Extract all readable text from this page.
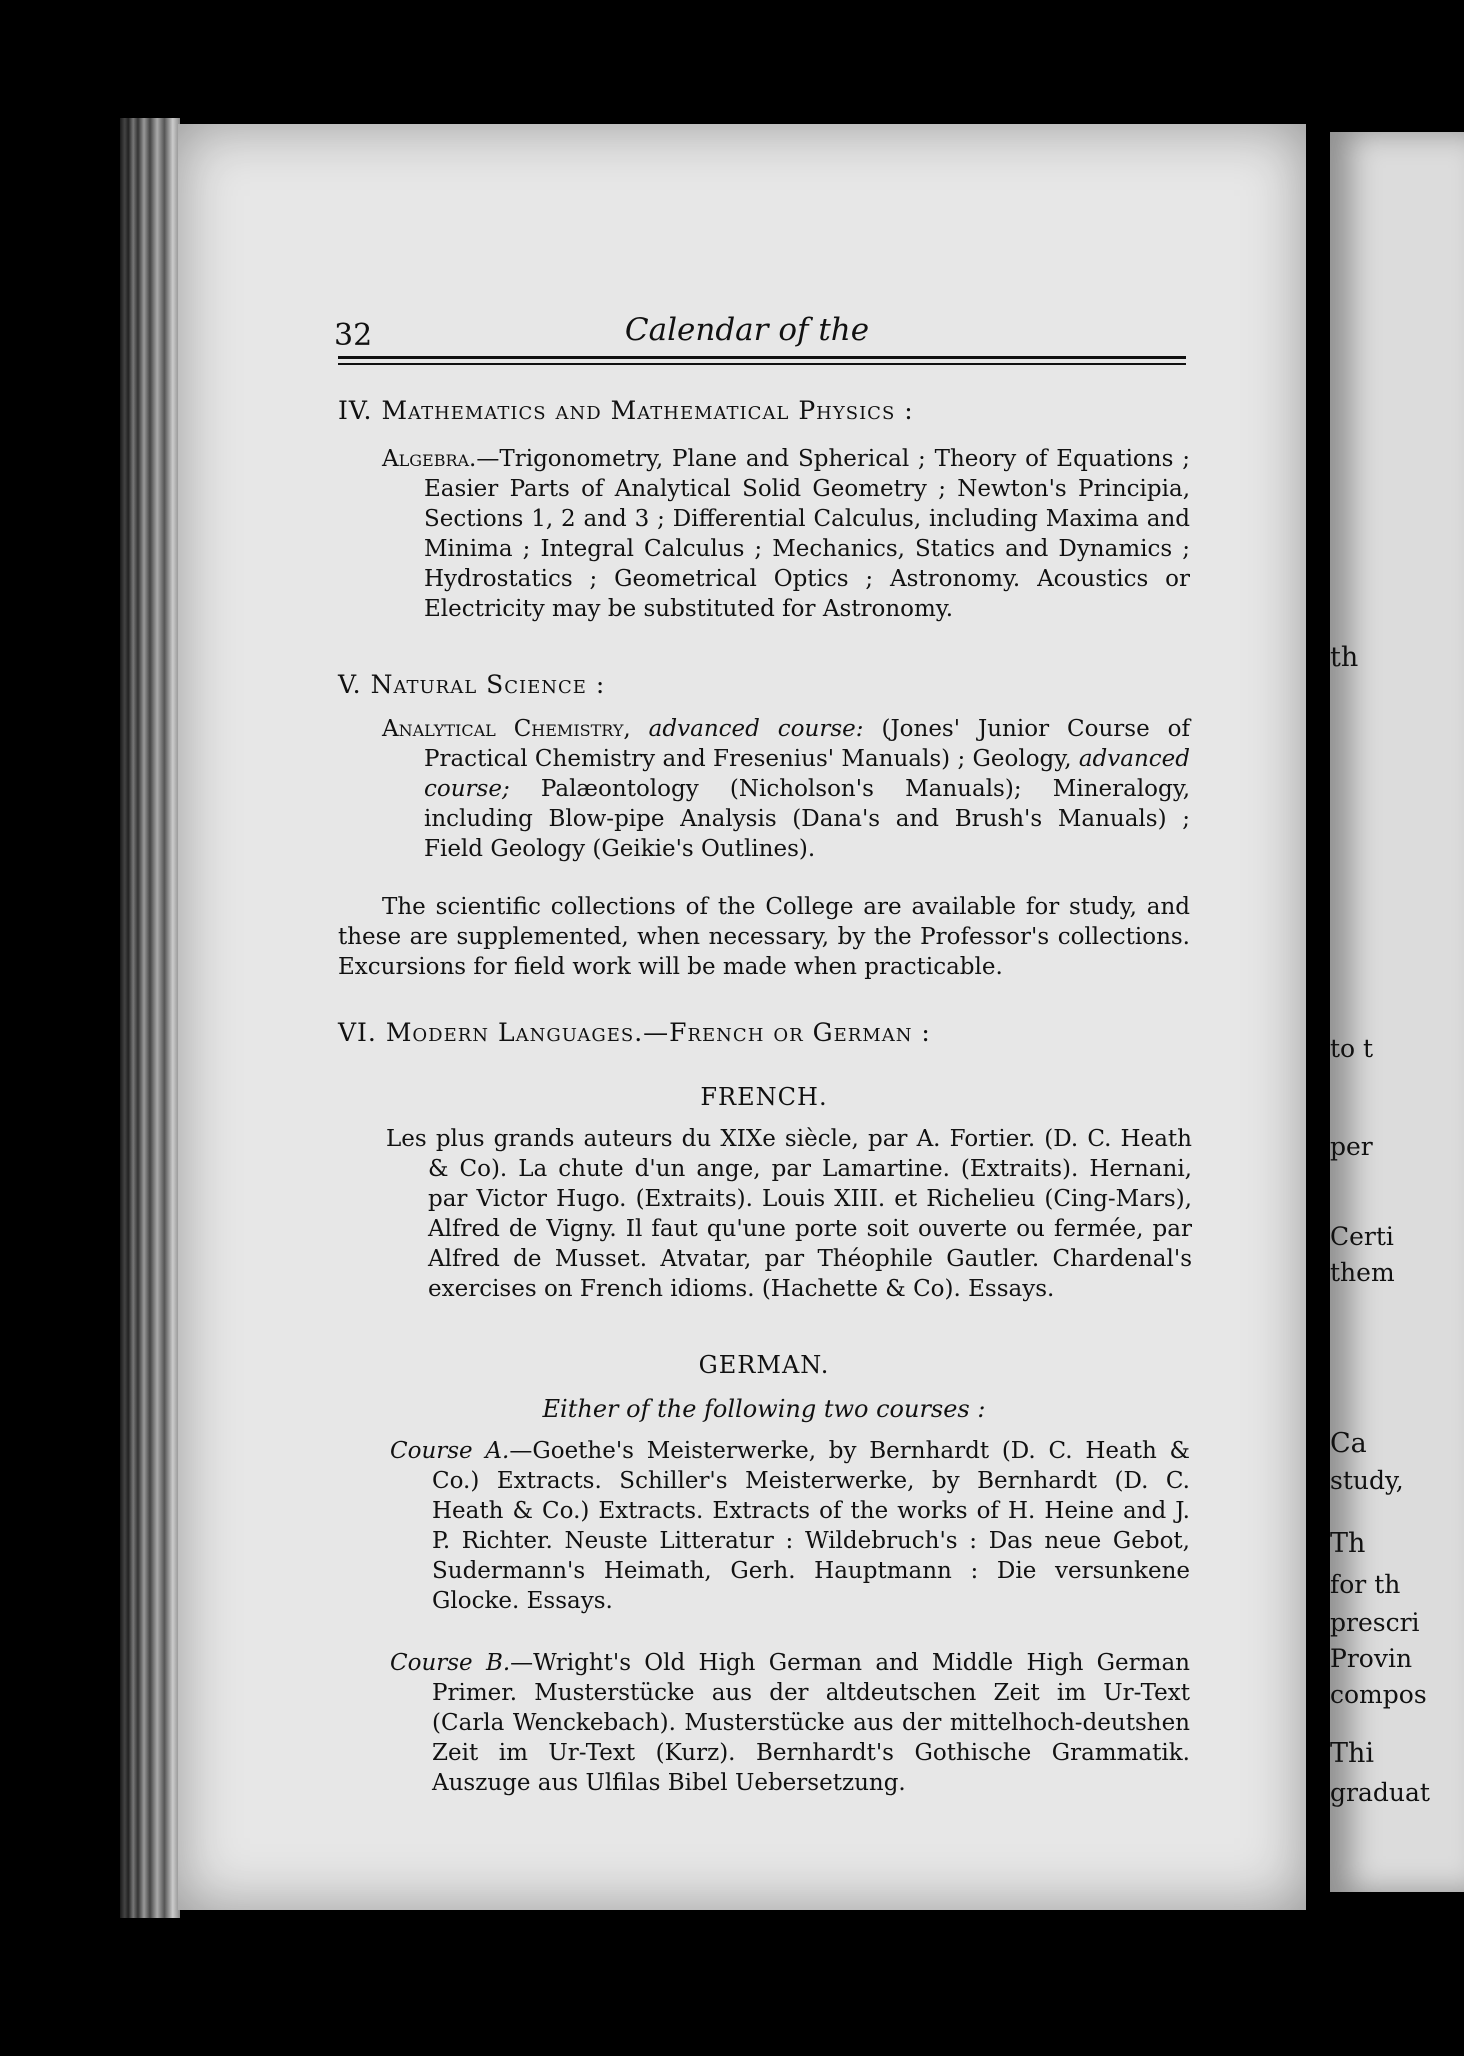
th
to t
per
Certi
them
Ca
study,
Th
for th
prescri
Provin
compos
Thi
graduat
32	Calendar of the
IV. Mathematics and Mathematical Physics :
Algebra.—Trigonometry, Plane and Spherical ; Theory of Equations ; Easier Parts of Analytical Solid Geometry ; Newton's Principia, Sections 1, 2 and 3 ; Differential Calculus, including Maxima and Minima ; Integral Calculus ; Mechanics, Statics and Dynamics ; Hydrostatics ; Geometrical Optics ; Astronomy. Acoustics or Electricity may be substituted for Astronomy.
V. Natural Science :
Analytical Chemistry, advanced course: (Jones' Junior Course of Practical Chemistry and Fresenius' Manuals) ; Geology, advanced course; Palæontology (Nicholson's Manuals); Mineralogy, including Blow-pipe Analysis (Dana's and Brush's Manuals) ; Field Geology (Geikie's Outlines).
The scientific collections of the College are available for study, and these are supplemented, when necessary, by the Professor's collections. Excursions for field work will be made when practicable.
VI. Modern Languages.—French or German :
FRENCH.
Les plus grands auteurs du XIXe siècle, par A. Fortier. (D. C. Heath & Co). La chute d'un ange, par Lamartine. (Extraits). Hernani, par Victor Hugo. (Extraits). Louis XIII. et Richelieu (Cing-Mars), Alfred de Vigny. Il faut qu'une porte soit ouverte ou fermée, par Alfred de Musset. Atvatar, par Théophile Gautler. Chardenal's exercises on French idioms. (Hachette & Co). Essays.
GERMAN.
Either of the following two courses :
Course A.—Goethe's Meisterwerke, by Bernhardt (D. C. Heath & Co.) Extracts. Schiller's Meisterwerke, by Bernhardt (D. C. Heath & Co.) Extracts. Extracts of the works of H. Heine and J. P. Richter. Neuste Litteratur : Wildebruch's : Das neue Gebot, Sudermann's Heimath, Gerh. Hauptmann : Die versunkene Glocke. Essays.
Course B.—Wright's Old High German and Middle High German Primer. Musterstücke aus der altdeutschen Zeit im Ur-Text (Carla Wenckebach). Musterstücke aus der mittelhoch-deutshen Zeit im Ur-Text (Kurz). Bernhardt's Gothische Grammatik. Auszuge aus Ulfilas Bibel Uebersetzung.
